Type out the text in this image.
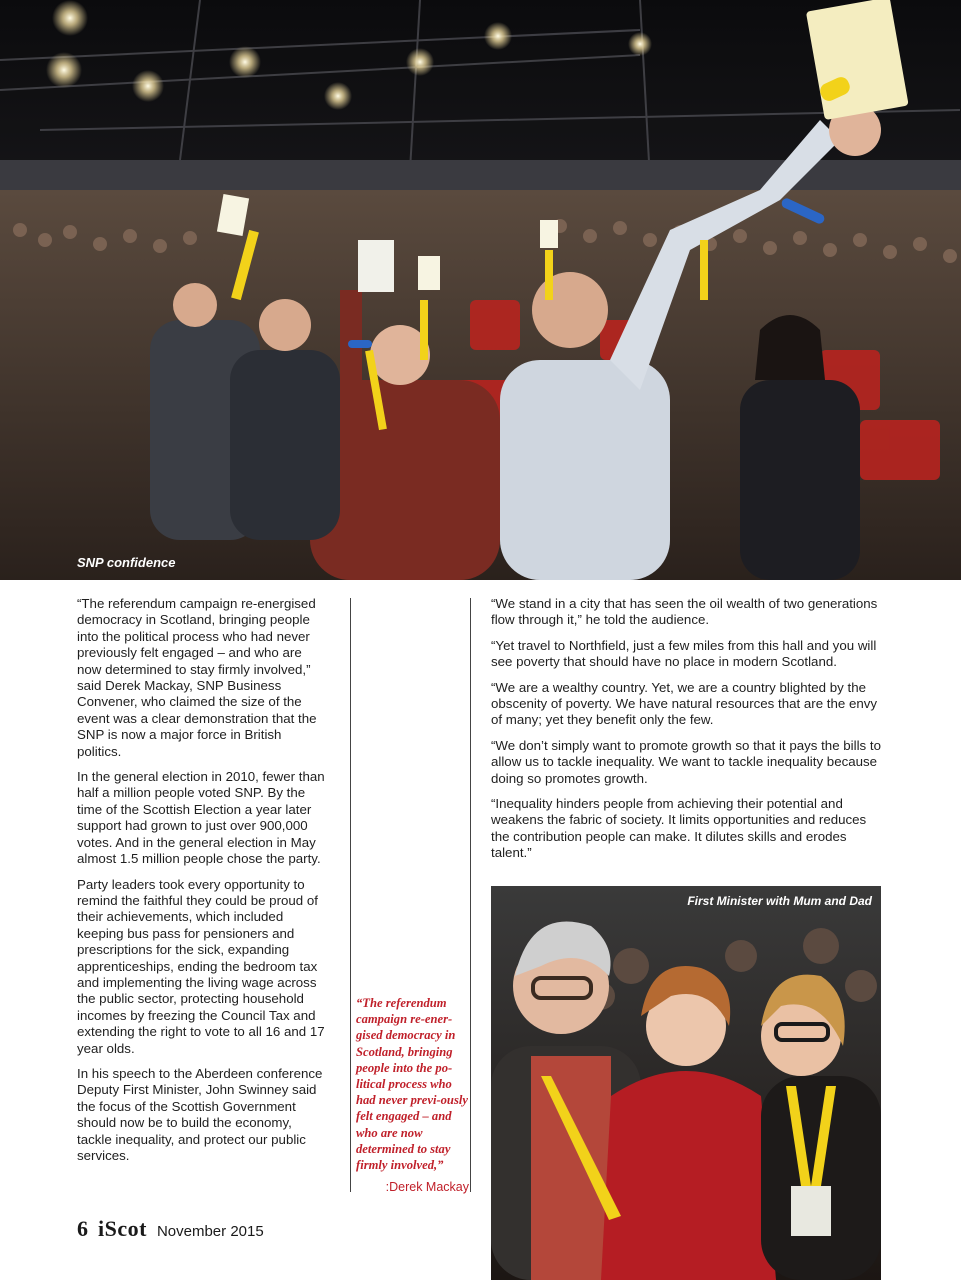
SNP confidence

“The referendum campaign re-energised democracy in Scotland, bringing people into the political process who had never previously felt engaged – and who are now determined to stay firmly involved,” said Derek Mackay, SNP Business Convener, who claimed the size of the event was a clear demonstration that the SNP is now a major force in British politics.

In the general election in 2010, fewer than half a million people voted SNP. By the time of the Scottish Election a year later support had grown to just over 900,000 votes. And in the general election in May almost 1.5 million people chose the party.

Party leaders took every opportunity to remind the faithful they could be proud of their achievements, which included keeping bus pass for pensioners and prescriptions for the sick, expanding apprenticeships, ending the bedroom tax and implementing the living wage across the public sector, protecting household incomes by freezing the Council Tax and extending the right to vote to all 16 and 17 year olds.

In his speech to the Aberdeen conference Deputy First Minister, John Swinney said the focus of the Scottish Government should now be to build the economy, tackle inequality, and protect our public services.

“The referendum campaign re-ener-gised democracy in Scotland, bringing people into the po-litical process who had never previ-ously felt engaged – and who are now determined to stay firmly involved,”
:Derek Mackay

“We stand in a city that has seen the oil wealth of two generations flow through it,” he told the audience.

“Yet travel to Northfield, just a few miles from this hall and you will see poverty that should have no place in modern Scotland.

“We are a wealthy country. Yet, we are a country blighted by the obscenity of poverty. We have natural resources that are the envy of many; yet they benefit only the few.

“We don’t simply want to promote growth so that it pays the bills to allow us to tackle inequality. We want to tackle inequality because doing so promotes growth.

“Inequality hinders people from achieving their potential and weakens the fabric of society. It limits opportunities and reduces the contribution people can make. It dilutes skills and erodes talent.”

First Minister with Mum and Dad
6 iScot November 2015
